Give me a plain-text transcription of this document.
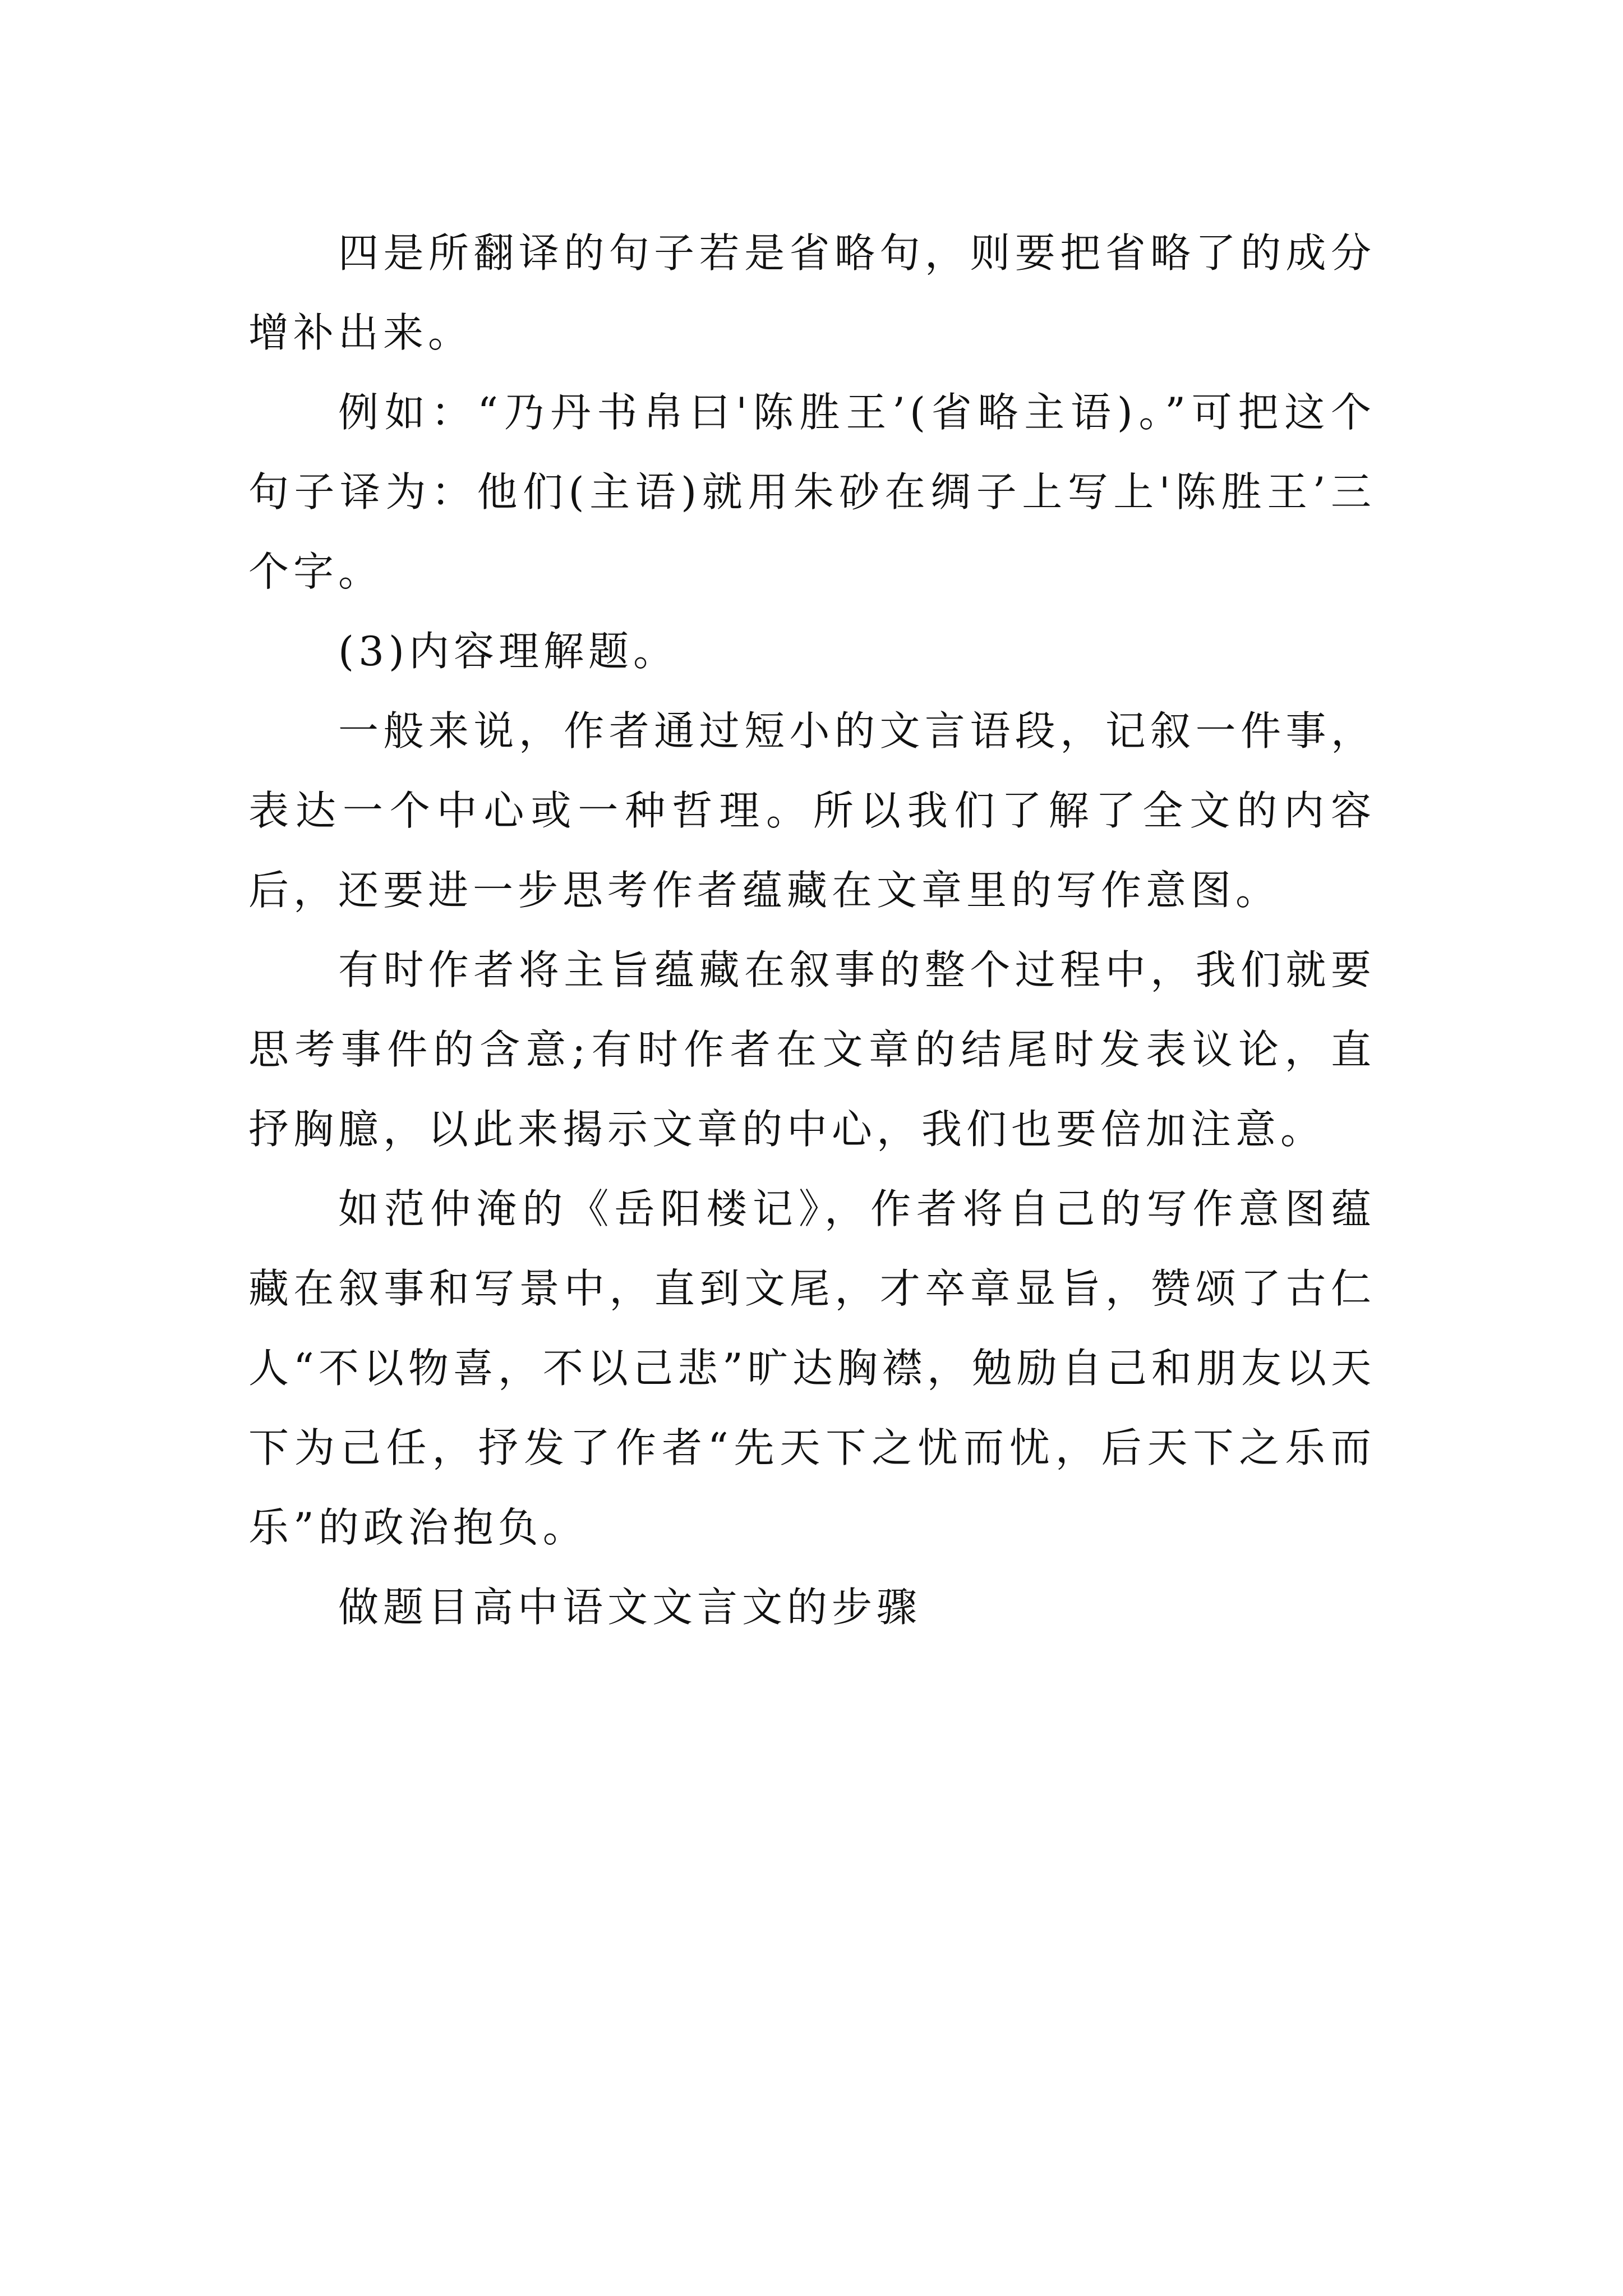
四是所翻译的句子若是省略句，则要把省略了的成分增补出来。

例如：“乃丹书帛曰'陈胜王’(省略主语)。”可把这个句子译为：他们(主语)就用朱砂在绸子上写上'陈胜王’三个字。

(3)内容理解题。

一般来说，作者通过短小的文言语段，记叙一件事，表达一个中心或一种哲理。所以我们了解了全文的内容后，还要进一步思考作者蕴藏在文章里的写作意图。

有时作者将主旨蕴藏在叙事的整个过程中，我们就要思考事件的含意;有时作者在文章的结尾时发表议论，直抒胸臆，以此来揭示文章的中心，我们也要倍加注意。

如范仲淹的《岳阳楼记》，作者将自己的写作意图蕴藏在叙事和写景中，直到文尾，才卒章显旨，赞颂了古仁人“不以物喜，不以己悲”旷达胸襟，勉励自己和朋友以天下为己任，抒发了作者“先天下之忧而忧，后天下之乐而乐”的政治抱负。

做题目高中语文文言文的步骤
